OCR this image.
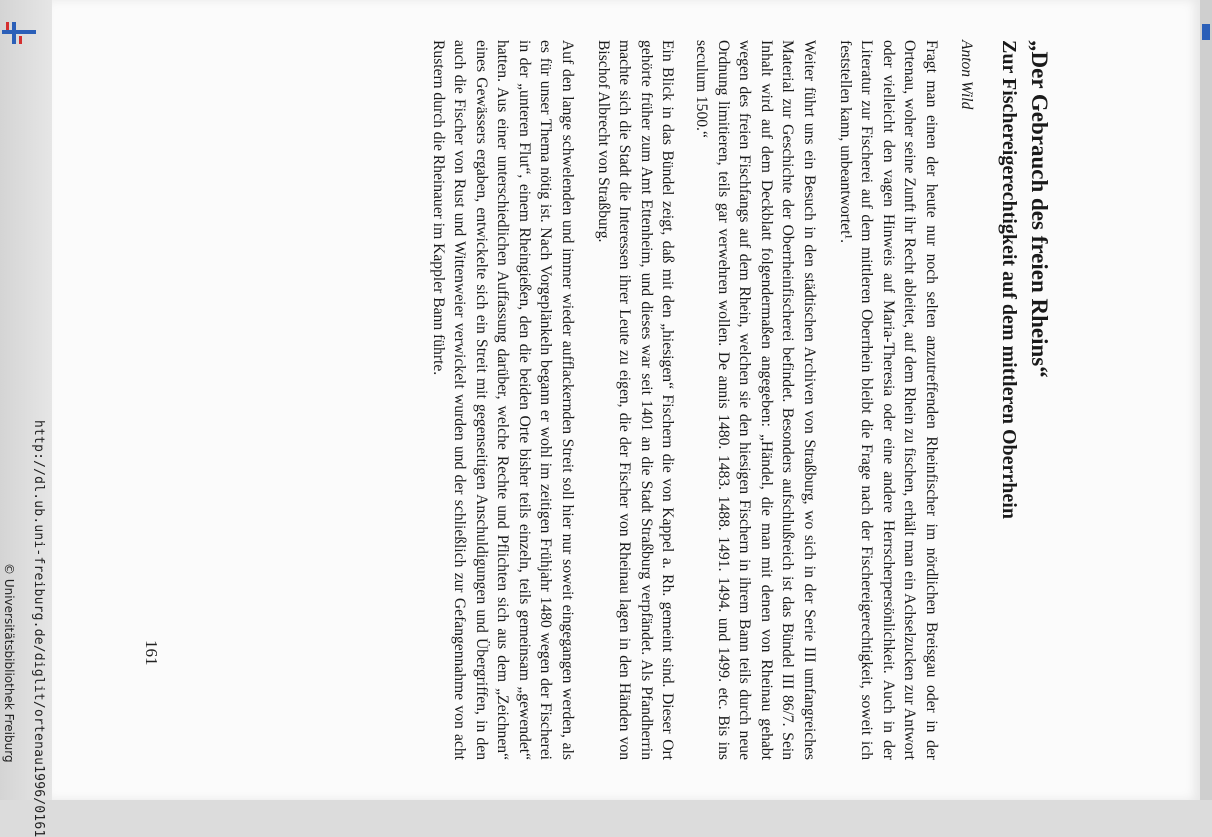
http://dl.ub.uni-freiburg.de/diglit/ortenau1996/0161
© Universitätsbibliothek Freiburg
„Der Gebrauch des freien Rheins“
Zur Fischereigerechtigkeit auf dem mittleren Oberrhein

Anton Wild

Fragt man einen der heute nur noch selten anzutreffenden Rheinfischer im nördlichen Breisgau oder in der Ortenau, woher seine Zunft ihr Recht ableitet, auf dem Rhein zu fischen, erhält man ein Achselzucken zur Antwort oder vielleicht den vagen Hinweis auf Maria-Theresia oder eine andere Herrscherpersönlichkeit. Auch in der Literatur zur Fischerei auf dem mittleren Oberrhein bleibt die Frage nach der Fischereigerechtigkeit, soweit ich feststellen kann, unbeantwortet¹.

Weiter führt uns ein Besuch in den städtischen Archiven von Straßburg, wo sich in der Serie III umfangreiches Material zur Geschichte der Oberrheinfischerei befindet. Besonders aufschlußreich ist das Bündel III 86/7. Sein Inhalt wird auf dem Deckblatt folgendermaßen angegeben: „Händel, die man mit denen von Rheinau gehabt wegen des freien Fischfangs auf dem Rhein, welchen sie den hiesigen Fischern in ihrem Bann teils durch neue Ordnung limitieren, teils gar verwehren wollen. De annis 1480. 1483. 1488. 1491. 1494. und 1499. etc. Bis ins seculum 1500.“

Ein Blick in das Bündel zeigt, daß mit den „hiesigen“ Fischern die von Kappel a. Rh. gemeint sind. Dieser Ort gehörte früher zum Amt Ettenheim, und dieses war seit 1401 an die Stadt Straßburg verpfändet. Als Pfandherrin machte sich die Stadt die Interessen ihrer Leute zu eigen, die der Fischer von Rheinau lagen in den Händen von Bischof Albrecht von Straßburg.

Auf den lange schwelenden und immer wieder aufflackernden Streit soll hier nur soweit eingegangen werden, als es für unser Thema nötig ist. Nach Vorgeplänkeln begann er wohl im zeitigen Frühjahr 1480 wegen der Fischerei in der „unteren Flut“, einem Rheingießen, den die beiden Orte bisher teils einzeln, teils gemeinsam „gewendet“ hatten. Aus einer unterschiedlichen Auffassung darüber, welche Rechte und Pflichten sich aus dem „Zeichnen“ eines Gewässers ergaben, entwickelte sich ein Streit mit gegenseitigen Anschuldigungen und Übergriffen, in den auch die Fischer von Rust und Wittenweier verwickelt wurden und der schließlich zur Gefangennahme von acht Rustern durch die Rheinauer im Kappler Bann führte.

161
